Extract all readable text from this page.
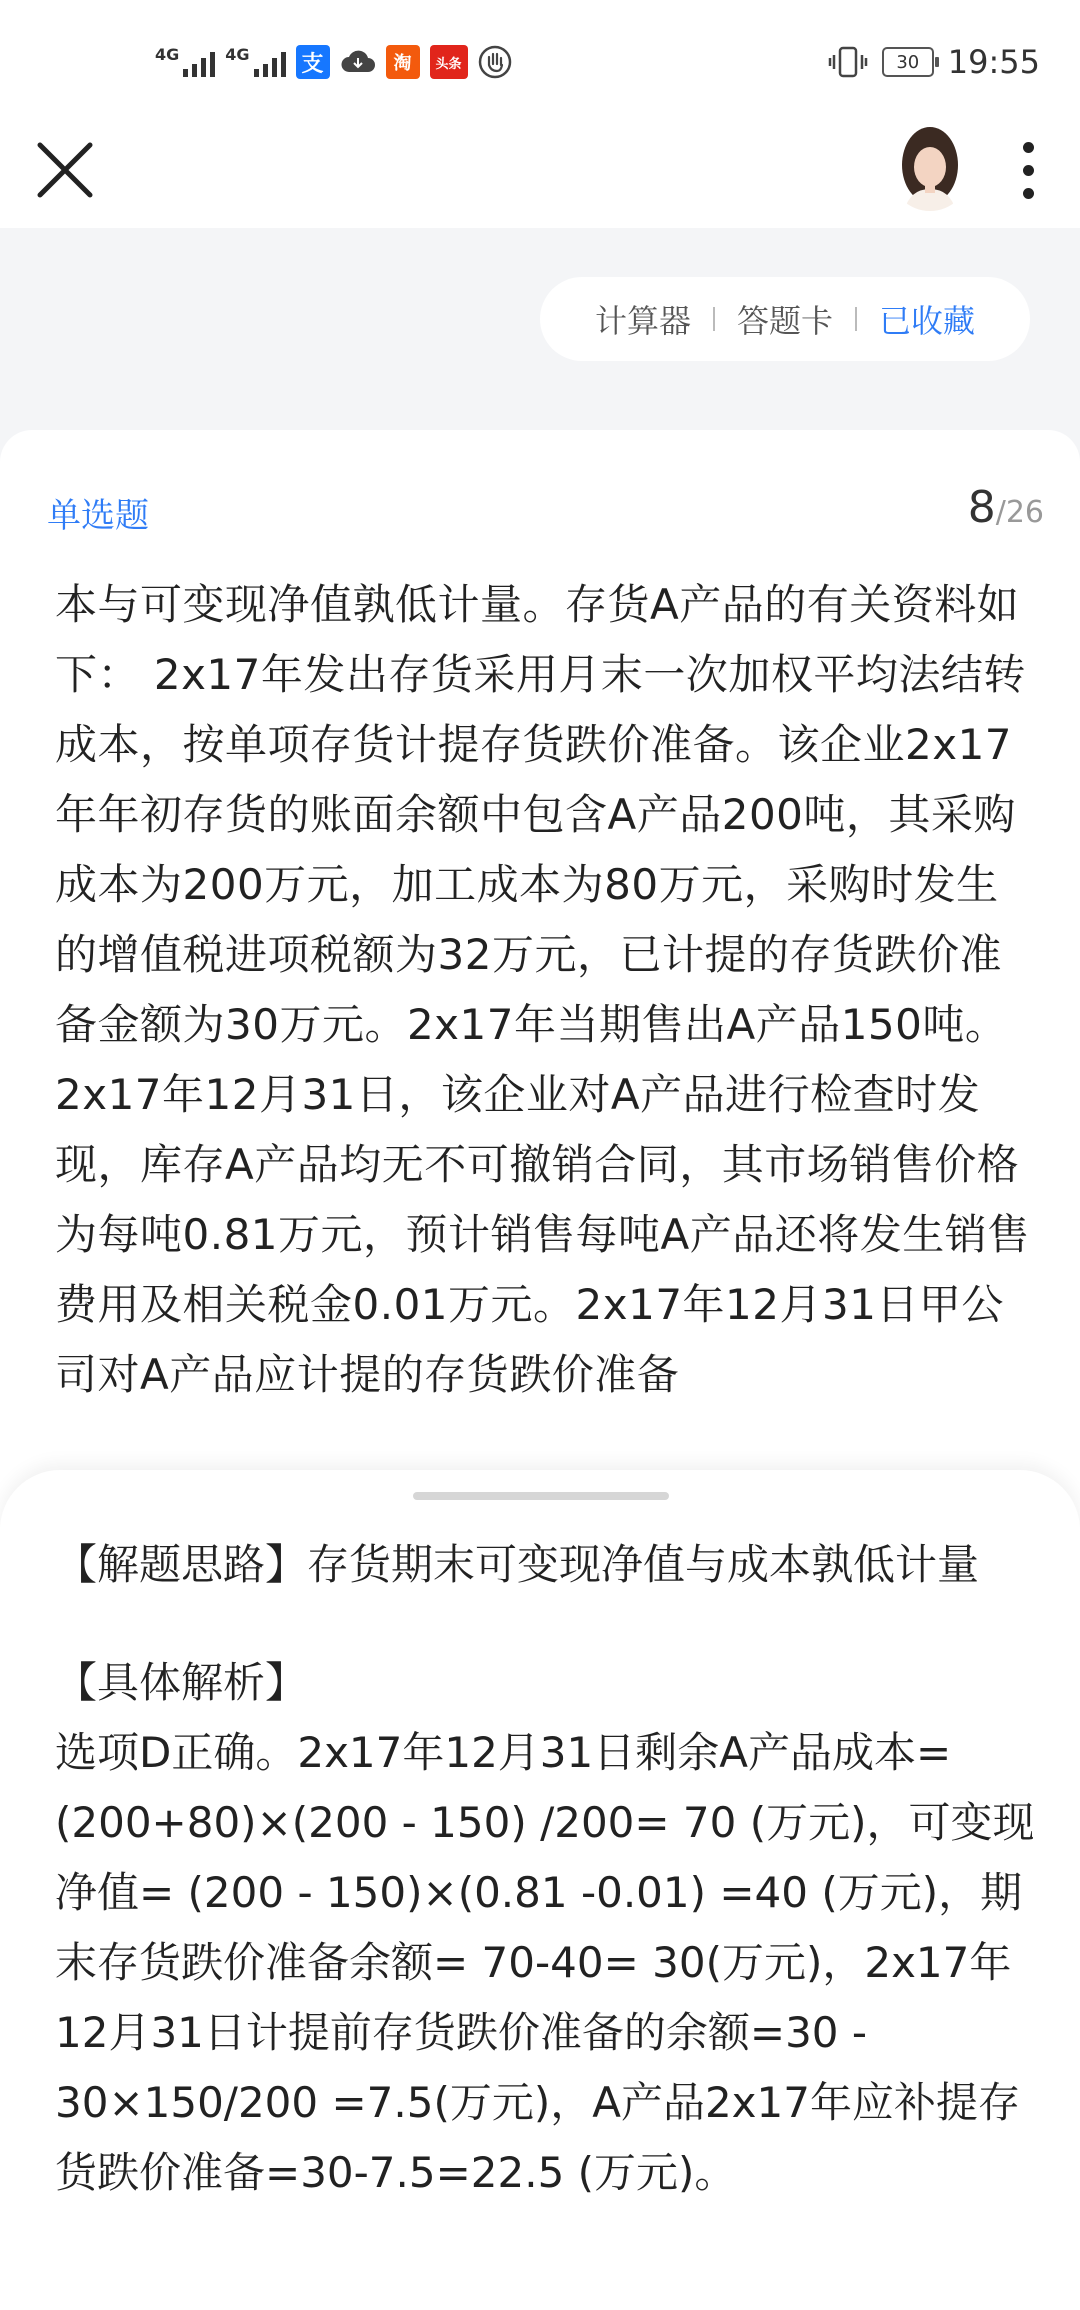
4G	4G 支	淘	头条	30 19:55
计算器 答题卡 已收藏
单选题	8/26
本与可变现净值孰低计量。存货A产品的有关资料如下： 2x17年发出存货采用月末一次加权平均法结转成本，按单项存货计提存货跌价准备。该企业2x17年年初存货的账面余额中包含A产品200吨，其采购成本为200万元，加工成本为80万元，采购时发生的增值税进项税额为32万元，已计提的存货跌价准备金额为30万元。2x17年当期售出A产品150吨。2x17年12月31日，该企业对A产品进行检查时发现，库存A产品均无不可撤销合同，其市场销售价格为每吨0.81万元，预计销售每吨A产品还将发生销售费用及相关税金0.01万元。2x17年12月31日甲公司对A产品应计提的存货跌价准备

【解题思路】存货期末可变现净值与成本孰低计量

【具体解析】

选项D正确。2x17年12月31日剩余A产品成本= (200+80)×(200 - 150) /200= 70 (万元)，可变现净值= (200 - 150)×(0.81 -0.01) =40 (万元)，期末存货跌价准备余额= 70-40= 30(万元)，2x17年12月31日计提前存货跌价准备的余额=30 - 30×150/200 =7.5(万元)，A产品2x17年应补提存货跌价准备=30-7.5=22.5 (万元)。
